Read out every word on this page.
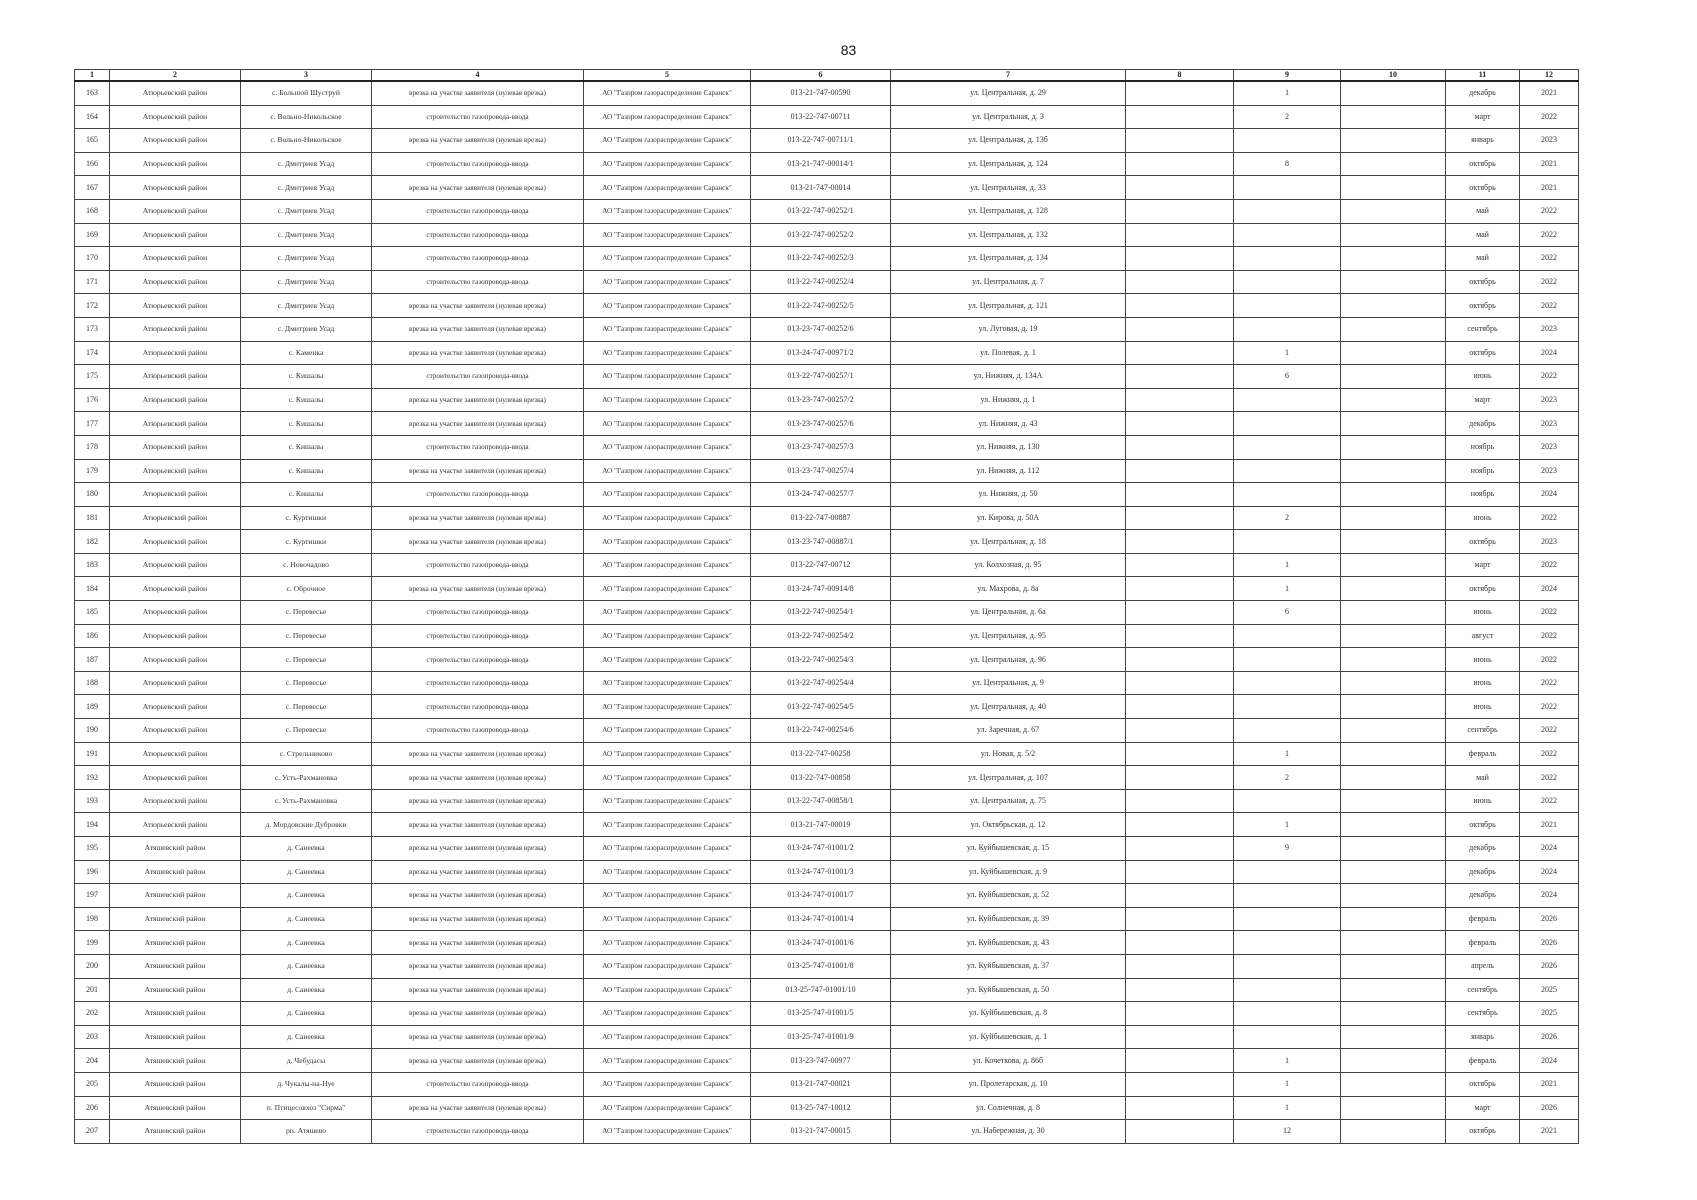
83
1	2	3	4	5	6	7	8	9	10	11	12
163	Атюрьевский район	с. Большой Шуструй	врезка на участке заявителя (нулевая врезка)	АО "Газпром газораспределение Саранск"	013-21-747-00590	ул. Центральная, д. 29		1		декабрь	2021
164	Атюрьевский район	с. Вольно-Никольское	строительство газопровода-ввода	АО "Газпром газораспределение Саранск"	013-22-747-00711	ул. Центральная, д. 3		2		март	2022
165	Атюрьевский район	с. Вольно-Никольское	врезка на участке заявителя (нулевая врезка)	АО "Газпром газораспределение Саранск"	013-22-747-00711/1	ул. Центральная, д. 13б				январь	2023
166	Атюрьевский район	с. Дмитриев Усад	строительство газопровода-ввода	АО "Газпром газораспределение Саранск"	013-21-747-00014/1	ул. Центральная, д. 124		8		октябрь	2021
167	Атюрьевский район	с. Дмитриев Усад	врезка на участке заявителя (нулевая врезка)	АО "Газпром газораспределение Саранск"	013-21-747-00014	ул. Центральная, д. 33				октябрь	2021
168	Атюрьевский район	с. Дмитриев Усад	строительство газопровода-ввода	АО "Газпром газораспределение Саранск"	013-22-747-00252/1	ул. Центральная, д. 128				май	2022
169	Атюрьевский район	с. Дмитриев Усад	строительство газопровода-ввода	АО "Газпром газораспределение Саранск"	013-22-747-00252/2	ул. Центральная, д. 132				май	2022
170	Атюрьевский район	с. Дмитриев Усад	строительство газопровода-ввода	АО "Газпром газораспределение Саранск"	013-22-747-00252/3	ул. Центральная, д. 134				май	2022
171	Атюрьевский район	с. Дмитриев Усад	строительство газопровода-ввода	АО "Газпром газораспределение Саранск"	013-22-747-00252/4	ул. Центральная, д. 7				октябрь	2022
172	Атюрьевский район	с. Дмитриев Усад	врезка на участке заявителя (нулевая врезка)	АО "Газпром газораспределение Саранск"	013-22-747-00252/5	ул. Центральная, д. 121				октябрь	2022
173	Атюрьевский район	с. Дмитриев Усад	врезка на участке заявителя (нулевая врезка)	АО "Газпром газораспределение Саранск"	013-23-747-00252/6	ул. Луговая, д. 19				сентябрь	2023
174	Атюрьевский район	с. Каменка	врезка на участке заявителя (нулевая врезка)	АО "Газпром газораспределение Саранск"	013-24-747-00971/2	ул. Полевая, д. 1		1		октябрь	2024
175	Атюрьевский район	с. Кишалы	строительство газопровода-ввода	АО "Газпром газораспределение Саранск"	013-22-747-00257/1	ул. Нижняя, д. 134А		6		июнь	2022
176	Атюрьевский район	с. Кишалы	врезка на участке заявителя (нулевая врезка)	АО "Газпром газораспределение Саранск"	013-23-747-00257/2	ул. Нижняя, д. 1				март	2023
177	Атюрьевский район	с. Кишалы	врезка на участке заявителя (нулевая врезка)	АО "Газпром газораспределение Саранск"	013-23-747-00257/6	ул. Нижняя, д. 43				декабрь	2023
178	Атюрьевский район	с. Кишалы	строительство газопровода-ввода	АО "Газпром газораспределение Саранск"	013-23-747-00257/3	ул. Нижняя, д. 130				ноябрь	2023
179	Атюрьевский район	с. Кишалы	врезка на участке заявителя (нулевая врезка)	АО "Газпром газораспределение Саранск"	013-23-747-00257/4	ул. Нижняя, д. 112				ноябрь	2023
180	Атюрьевский район	с. Кишалы	строительство газопровода-ввода	АО "Газпром газораспределение Саранск"	013-24-747-00257/7	ул. Нижняя, д. 50				ноябрь	2024
181	Атюрьевский район	с. Куртишки	врезка на участке заявителя (нулевая врезка)	АО "Газпром газораспределение Саранск"	013-22-747-00887	ул. Кирова, д. 50А		2		июнь	2022
182	Атюрьевский район	с. Куртишки	врезка на участке заявителя (нулевая врезка)	АО "Газпром газораспределение Саранск"	013-23-747-00887/1	ул. Центральная, д. 18				октябрь	2023
183	Атюрьевский район	с. Новочадово	строительство газопровода-ввода	АО "Газпром газораспределение Саранск"	013-22-747-00712	ул. Колхозная, д. 95		1		март	2022
184	Атюрьевский район	с. Оброчное	врезка на участке заявителя (нулевая врезка)	АО "Газпром газораспределение Саранск"	013-24-747-00914/8	ул. Махрова, д. 8а		1		октябрь	2024
185	Атюрьевский район	с. Перевесье	строительство газопровода-ввода	АО "Газпром газораспределение Саранск"	013-22-747-00254/1	ул. Центральная, д. 6а		6		июнь	2022
186	Атюрьевский район	с. Перевесье	строительство газопровода-ввода	АО "Газпром газораспределение Саранск"	013-22-747-00254/2	ул. Центральная, д. 95				август	2022
187	Атюрьевский район	с. Перевесье	строительство газопровода-ввода	АО "Газпром газораспределение Саранск"	013-22-747-00254/3	ул. Центральная, д. 96				июнь	2022
188	Атюрьевский район	с. Перевесье	строительство газопровода-ввода	АО "Газпром газораспределение Саранск"	013-22-747-00254/4	ул. Центральная, д. 9				июнь	2022
189	Атюрьевский район	с. Перевесье	строительство газопровода-ввода	АО "Газпром газораспределение Саранск"	013-22-747-00254/5	ул. Центральная, д. 40				июнь	2022
190	Атюрьевский район	с. Перевесье	строительство газопровода-ввода	АО "Газпром газораспределение Саранск"	013-22-747-00254/6	ул. Заречная, д. 67				сентябрь	2022
191	Атюрьевский район	с. Стрельниково	врезка на участке заявителя (нулевая врезка)	АО "Газпром газораспределение Саранск"	013-22-747-00258	ул. Новая, д. 5/2		1		февраль	2022
192	Атюрьевский район	с. Усть-Рахмановка	врезка на участке заявителя (нулевая врезка)	АО "Газпром газораспределение Саранск"	013-22-747-00858	ул. Центральная, д. 107		2		май	2022
193	Атюрьевский район	с. Усть-Рахмановка	врезка на участке заявителя (нулевая врезка)	АО "Газпром газораспределение Саранск"	013-22-747-00858/1	ул. Центральная, д. 75				июнь	2022
194	Атюрьевский район	д. Мордовские Дубровки	врезка на участке заявителя (нулевая врезка)	АО "Газпром газораспределение Саранск"	013-21-747-00019	ул. Октябрьская, д. 12		1		октябрь	2021
195	Атяшевский район	д. Саиеевка	врезка на участке заявителя (нулевая врезка)	АО "Газпром газораспределение Саранск"	013-24-747-01001/2	ул. Куйбышевская, д. 15		9		декабрь	2024
196	Атяшевский район	д. Саиеевка	врезка на участке заявителя (нулевая врезка)	АО "Газпром газораспределение Саранск"	013-24-747-01001/3	ул. Куйбышевская, д. 9				декабрь	2024
197	Атяшевский район	д. Саиеевка	врезка на участке заявителя (нулевая врезка)	АО "Газпром газораспределение Саранск"	013-24-747-01001/7	ул. Куйбышевская, д. 52				декабрь	2024
198	Атяшевский район	д. Саиеевка	врезка на участке заявителя (нулевая врезка)	АО "Газпром газораспределение Саранск"	013-24-747-01001/4	ул. Куйбышевская, д. 39				февраль	2026
199	Атяшевский район	д. Саиеевка	врезка на участке заявителя (нулевая врезка)	АО "Газпром газораспределение Саранск"	013-24-747-01001/6	ул. Куйбышевская, д. 43				февраль	2026
200	Атяшевский район	д. Саиеевка	врезка на участке заявителя (нулевая врезка)	АО "Газпром газораспределение Саранск"	013-25-747-01001/8	ул. Куйбышевская, д. 37				апрель	2026
201	Атяшевский район	д. Саиеевка	врезка на участке заявителя (нулевая врезка)	АО "Газпром газораспределение Саранск"	013-25-747-01001/10	ул. Куйбышевская, д. 50				сентябрь	2025
202	Атяшевский район	д. Саиеевка	врезка на участке заявителя (нулевая врезка)	АО "Газпром газораспределение Саранск"	013-25-747-01001/5	ул. Куйбышевская, д. 8				сентябрь	2025
203	Атяшевский район	д. Саиеевка	врезка на участке заявителя (нулевая врезка)	АО "Газпром газораспределение Саранск"	013-25-747-01001/9	ул. Куйбышевская, д. 1				январь	2026
204	Атяшевский район	д. Чебудасы	врезка на участке заявителя (нулевая врезка)	АО "Газпром газораспределение Саранск"	013-23-747-00977	ул. Кочеткова, д. 86б		1		февраль	2024
205	Атяшевский район	д. Чукалы-на-Нуе	строительство газопровода-ввода	АО "Газпром газораспределение Саранск"	013-21-747-00021	ул. Пролетарская, д. 10		1		октябрь	2021
206	Атяшевский район	п. Птицесовхоз "Сирма"	врезка на участке заявителя (нулевая врезка)	АО "Газпром газораспределение Саранск"	013-25-747-10012	ул. Солнечная, д. 8		1		март	2026
207	Атяшевский район	рп. Атяшево	строительство газопровода-ввода	АО "Газпром газораспределение Саранск"	013-21-747-00015	ул. Набережная, д. 30		12		октябрь	2021
